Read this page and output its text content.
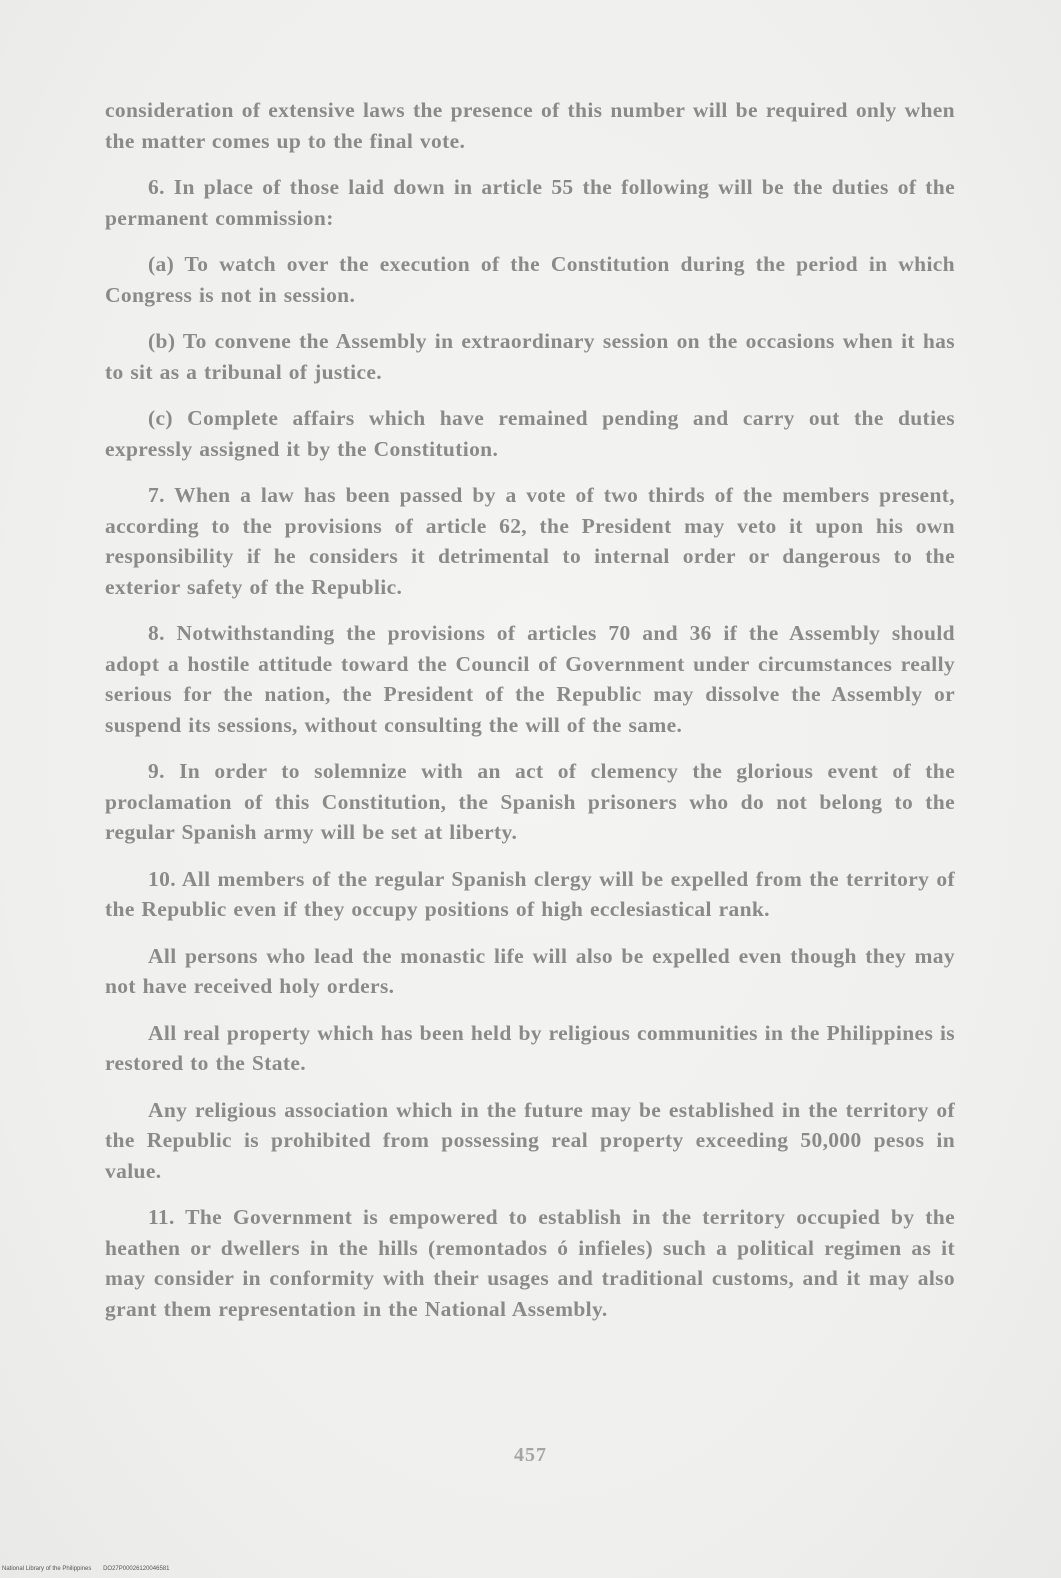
consideration of extensive laws the presence of this number will be required only when the matter comes up to the final vote.

6. In place of those laid down in article 55 the following will be the duties of the permanent commission:

(a) To watch over the execution of the Constitution during the period in which Congress is not in session.

(b) To convene the Assembly in extraordinary session on the occasions when it has to sit as a tribunal of justice.

(c) Complete affairs which have remained pending and carry out the duties expressly assigned it by the Constitution.

7. When a law has been passed by a vote of two thirds of the members present, according to the provisions of article 62, the President may veto it upon his own responsibility if he considers it detrimental to internal order or dangerous to the exterior safety of the Republic.

8. Notwithstanding the provisions of articles 70 and 36 if the Assembly should adopt a hostile attitude toward the Council of Government under circumstances really serious for the nation, the President of the Republic may dissolve the Assembly or suspend its sessions, without consulting the will of the same.

9. In order to solemnize with an act of clemency the glorious event of the proclamation of this Constitution, the Spanish prisoners who do not belong to the regular Spanish army will be set at liberty.

10. All members of the regular Spanish clergy will be expelled from the territory of the Republic even if they occupy positions of high ecclesiastical rank.

All persons who lead the monastic life will also be expelled even though they may not have received holy orders.

All real property which has been held by religious communities in the Philippines is restored to the State.

Any religious association which in the future may be established in the territory of the Republic is prohibited from possessing real property exceeding 50,000 pesos in value.

11. The Government is empowered to establish in the territory occupied by the heathen or dwellers in the hills (remontados ó infieles) such a political regimen as it may consider in conformity with their usages and traditional customs, and it may also grant them representation in the National Assembly.

457
National Library of the Philippines DO27P00026120046581
